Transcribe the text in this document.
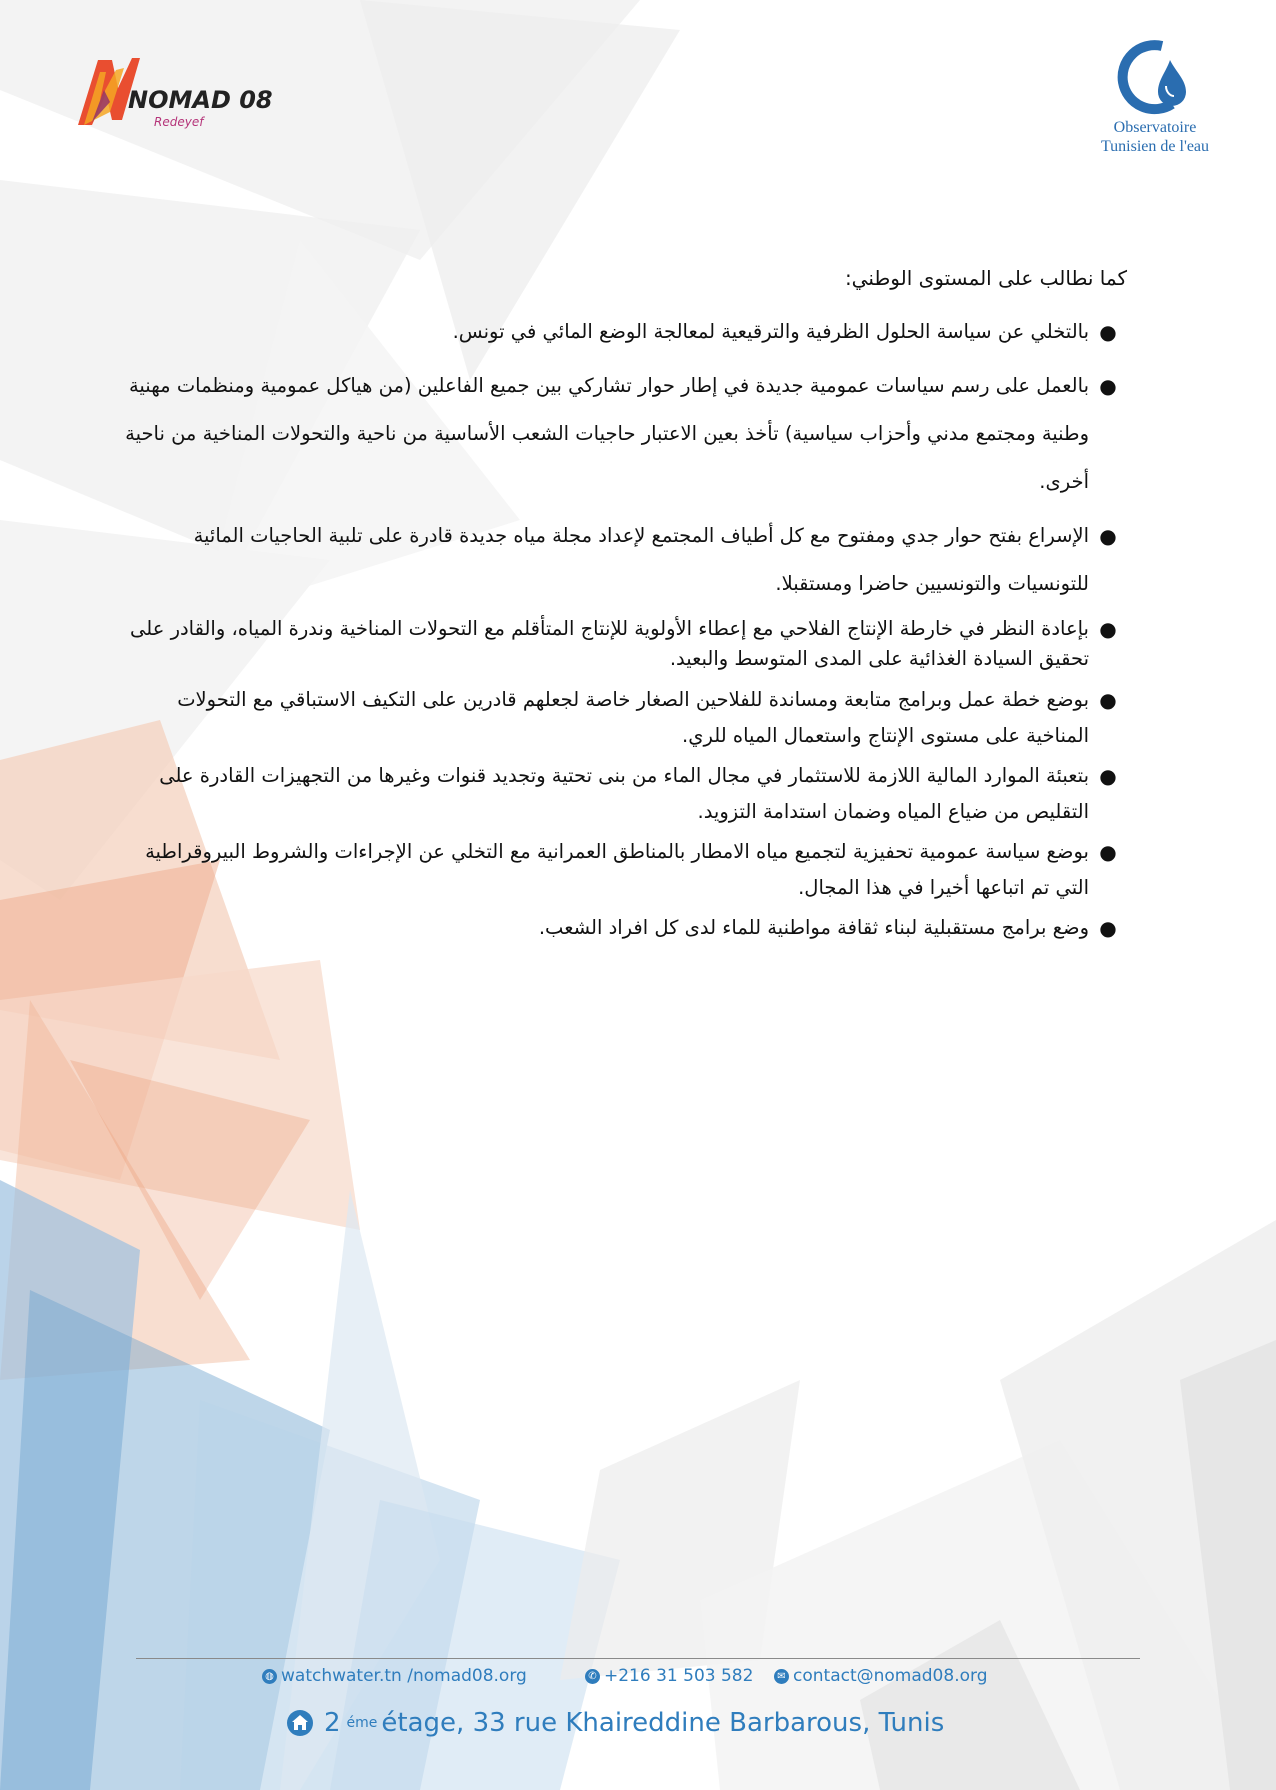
NOMAD 08
Redeyef	Observatoire
Tunisien de l'eau

كما نطالب على المستوى الوطني:

●
بالتخلي عن سياسة الحلول الظرفية والترقيعية لمعالجة الوضع المائي في تونس.
●
بالعمل على رسم سياسات عمومية جديدة في إطار حوار تشاركي بين جميع الفاعلين (من هياكل عمومية ومنظمات مهنية وطنية ومجتمع مدني وأحزاب سياسية) تأخذ بعين الاعتبار حاجيات الشعب الأساسية من ناحية والتحولات المناخية من ناحية أخرى.
●
الإسراع بفتح حوار جدي ومفتوح مع كل أطياف المجتمع لإعداد مجلة مياه جديدة قادرة على تلبية الحاجيات المائية للتونسيات والتونسيين حاضرا ومستقبلا.
●
بإعادة النظر في خارطة الإنتاج الفلاحي مع إعطاء الأولوية للإنتاج المتأقلم مع التحولات المناخية وندرة المياه، والقادر على تحقيق السيادة الغذائية على المدى المتوسط والبعيد.
●
بوضع خطة عمل وبرامج متابعة ومساندة للفلاحين الصغار خاصة لجعلهم قادرين على التكيف الاستباقي مع التحولات المناخية على مستوى الإنتاج واستعمال المياه للري.
●
بتعبئة الموارد المالية اللازمة للاستثمار في مجال الماء من بنى تحتية وتجديد قنوات وغيرها من التجهيزات القادرة على التقليص من ضياع المياه وضمان استدامة التزويد.
●
بوضع سياسة عمومية تحفيزية لتجميع مياه الامطار بالمناطق العمرانية مع التخلي عن الإجراءات والشروط البيروقراطية التي تم اتباعها أخيرا في هذا المجال.
●
وضع برامج مستقبلية لبناء ثقافة مواطنية للماء لدى كل افراد الشعب.
◍ watchwater.tn /nomad08.org	✆ +216 31 503 582	✉ contact@nomad08.org
2 éme étage, 33 rue Khaireddine Barbarous, Tunis
